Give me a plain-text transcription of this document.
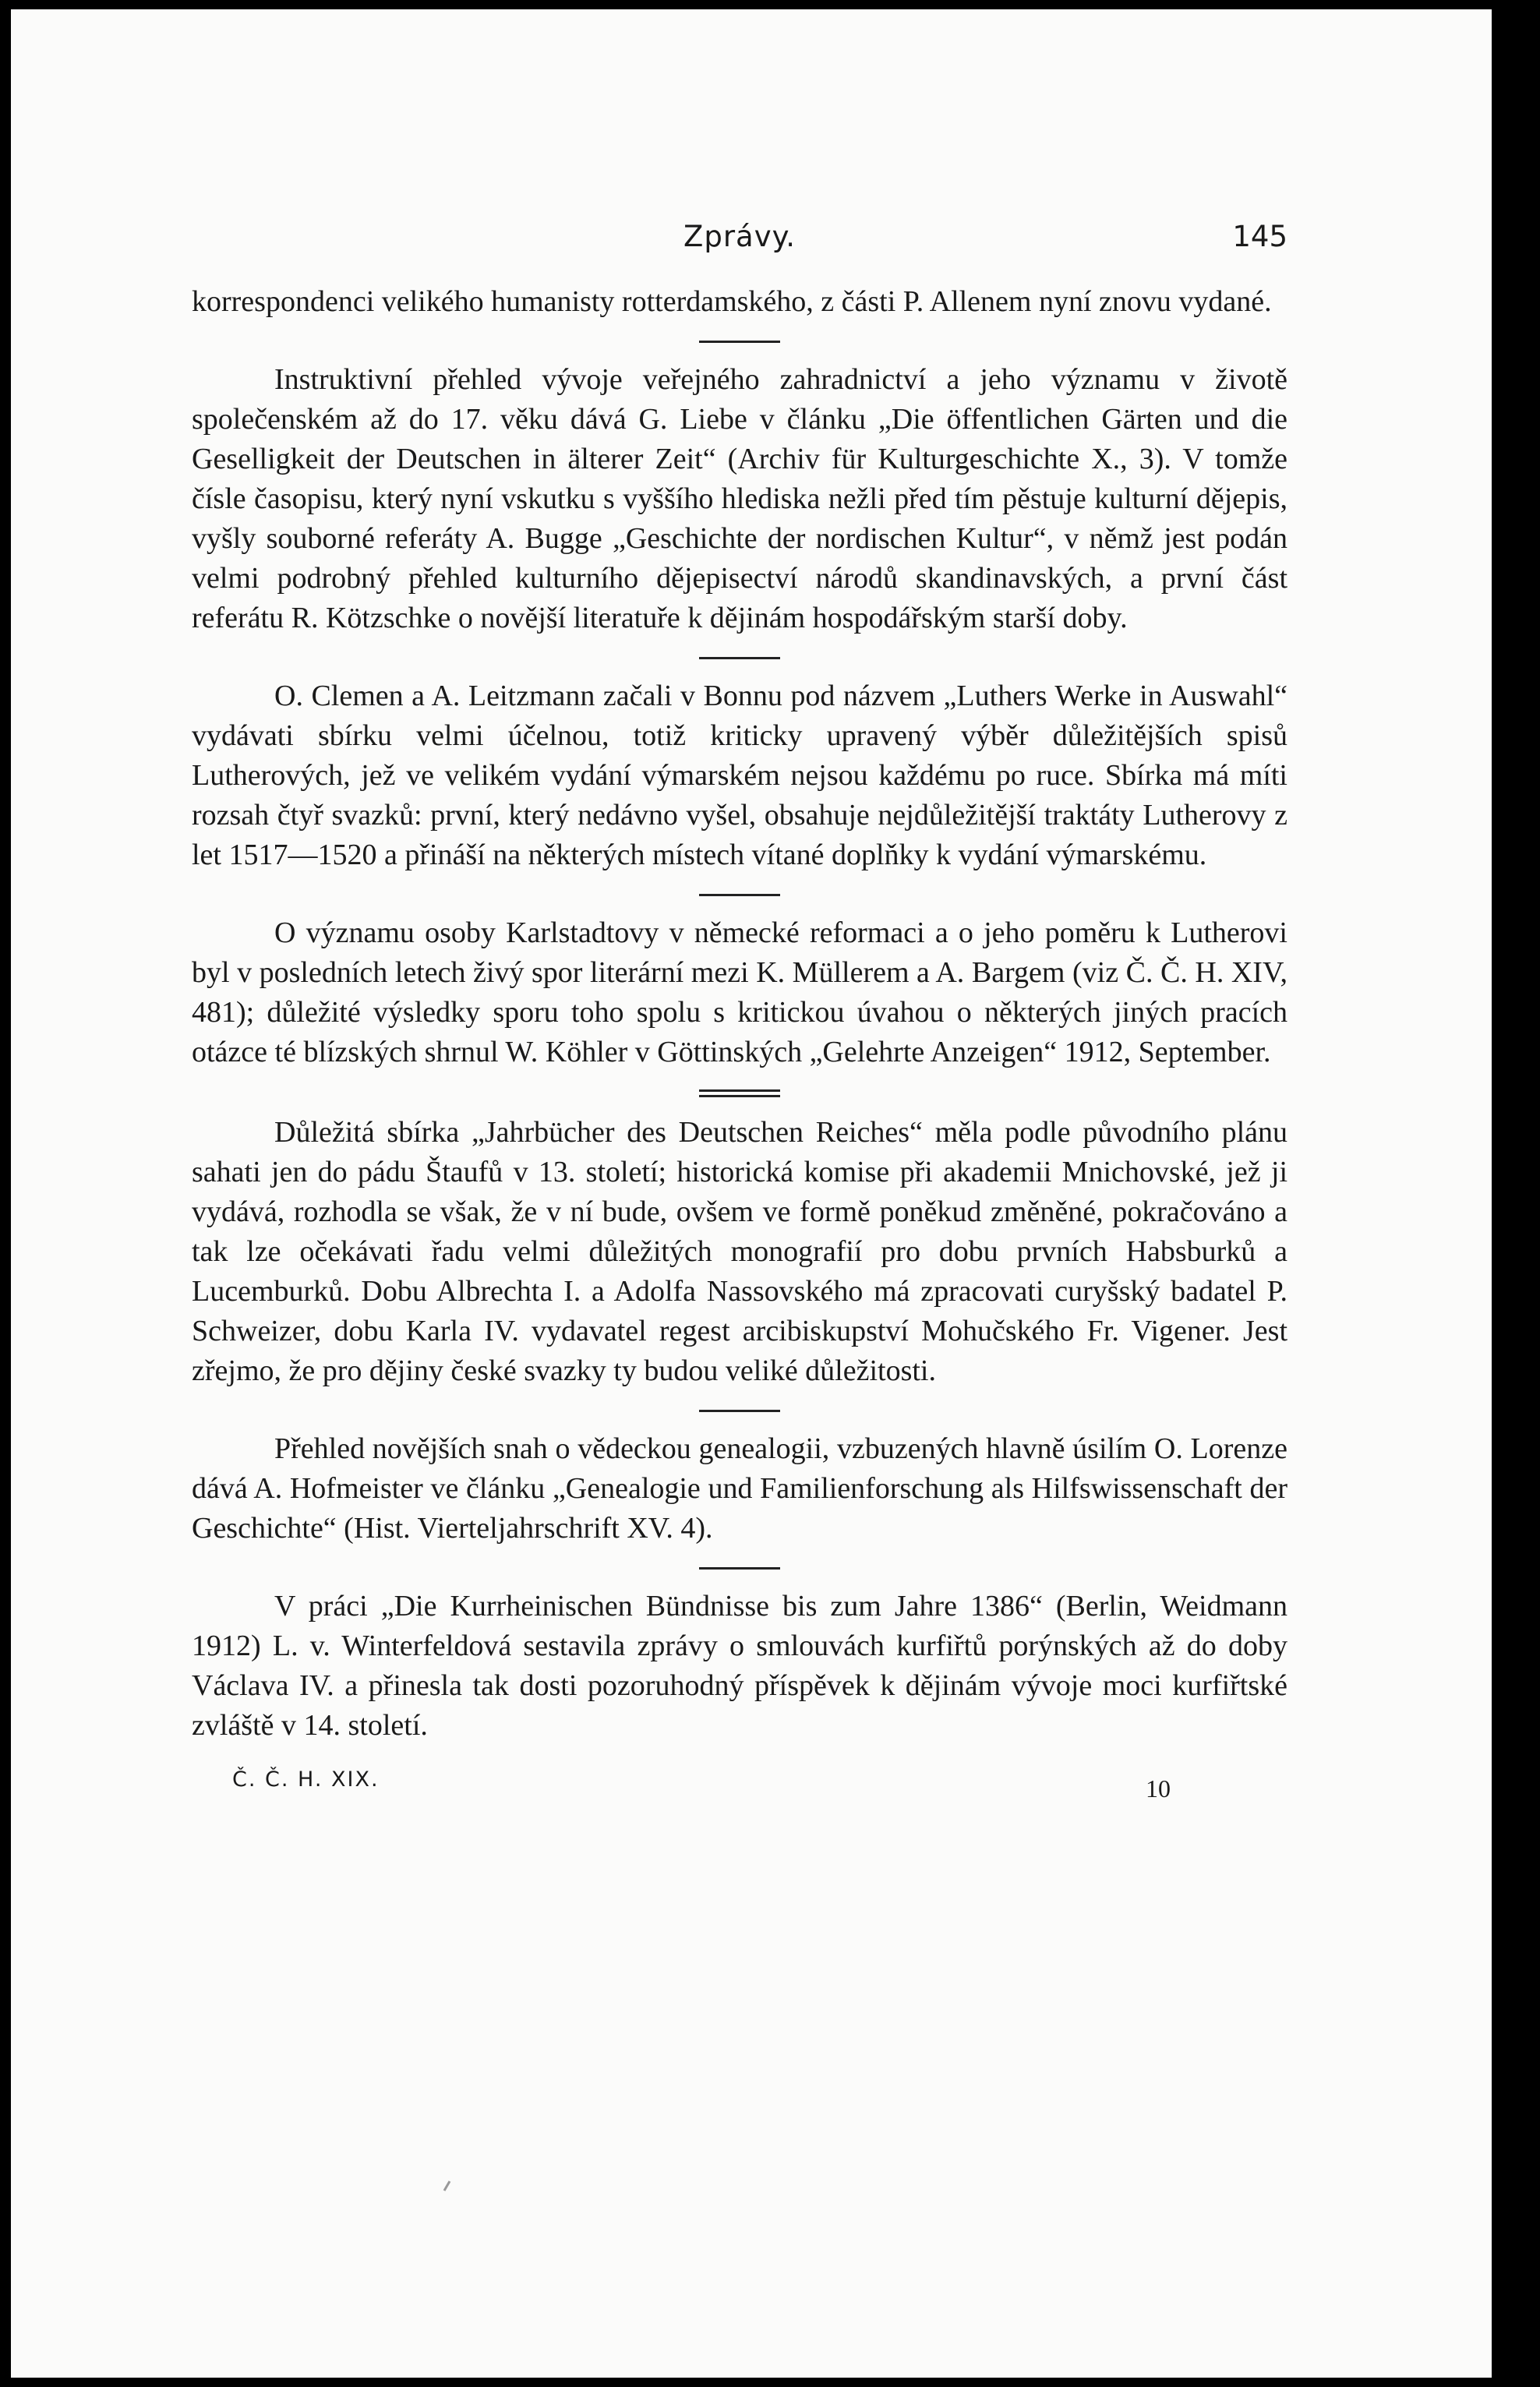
Zprávy.	145

korrespondenci velikého humanisty rotterdamského, z části P. Allenem nyní znovu vydané.

Instruktivní přehled vývoje veřejného zahradnictví a jeho významu v životě společenském až do 17. věku dává G. Liebe v článku „Die öffentlichen Gärten und die Geselligkeit der Deutschen in älterer Zeit“ (Archiv für Kulturgeschichte X., 3). V tomže čísle časopisu, který nyní vskutku s vyššího hlediska nežli před tím pěstuje kulturní dějepis, vyšly souborné referáty A. Bugge „Geschichte der nordischen Kultur“, v němž jest podán velmi podrobný přehled kulturního dějepisectví národů skandinavských, a první část referátu R. Kötzschke o novější literatuře k dějinám hospodářským starší doby.

O. Clemen a A. Leitzmann začali v Bonnu pod názvem „Luthers Werke in Auswahl“ vydávati sbírku velmi účelnou, totiž kriticky upravený výběr důležitějších spisů Lutherových, jež ve velikém vydání výmarském nejsou každému po ruce. Sbírka má míti rozsah čtyř svazků: první, který nedávno vyšel, obsahuje nejdůležitější traktáty Lutherovy z let 1517—1520 a přináší na některých místech vítané doplňky k vydání výmarskému.

O významu osoby Karlstadtovy v německé reformaci a o jeho poměru k Lutherovi byl v posledních letech živý spor literární mezi K. Müllerem a A. Bargem (viz Č. Č. H. XIV, 481); důležité výsledky sporu toho spolu s kritickou úvahou o některých jiných pracích otázce té blízských shrnul W. Köhler v Göttinských „Gelehrte Anzeigen“ 1912, September.

Důležitá sbírka „Jahrbücher des Deutschen Reiches“ měla podle původního plánu sahati jen do pádu Štaufů v 13. století; historická komise při akademii Mnichovské, jež ji vydává, rozhodla se však, že v ní bude, ovšem ve formě poněkud změněné, pokračováno a tak lze očekávati řadu velmi důležitých monografií pro dobu prvních Habsburků a Lucemburků. Dobu Albrechta I. a Adolfa Nassovského má zpracovati curyšský badatel P. Schweizer, dobu Karla IV. vydavatel regest arcibiskupství Mohučského Fr. Vigener. Jest zřejmo, že pro dějiny české svazky ty budou veliké důležitosti.

Přehled novějších snah o vědeckou genealogii, vzbuzených hlavně úsilím O. Lorenze dává A. Hofmeister ve článku „Genealogie und Familienforschung als Hilfswissenschaft der Geschichte“ (Hist. Vierteljahrschrift XV. 4).

V práci „Die Kurrheinischen Bündnisse bis zum Jahre 1386“ (Berlin, Weidmann 1912) L. v. Winterfeldová sestavila zprávy o smlouvách kurfiřtů porýnských až do doby Václava IV. a přinesla tak dosti pozoruhodný příspěvek k dějinám vývoje moci kurfiřtské zvláště v 14. století.

Č. Č. H. XIX.	10
